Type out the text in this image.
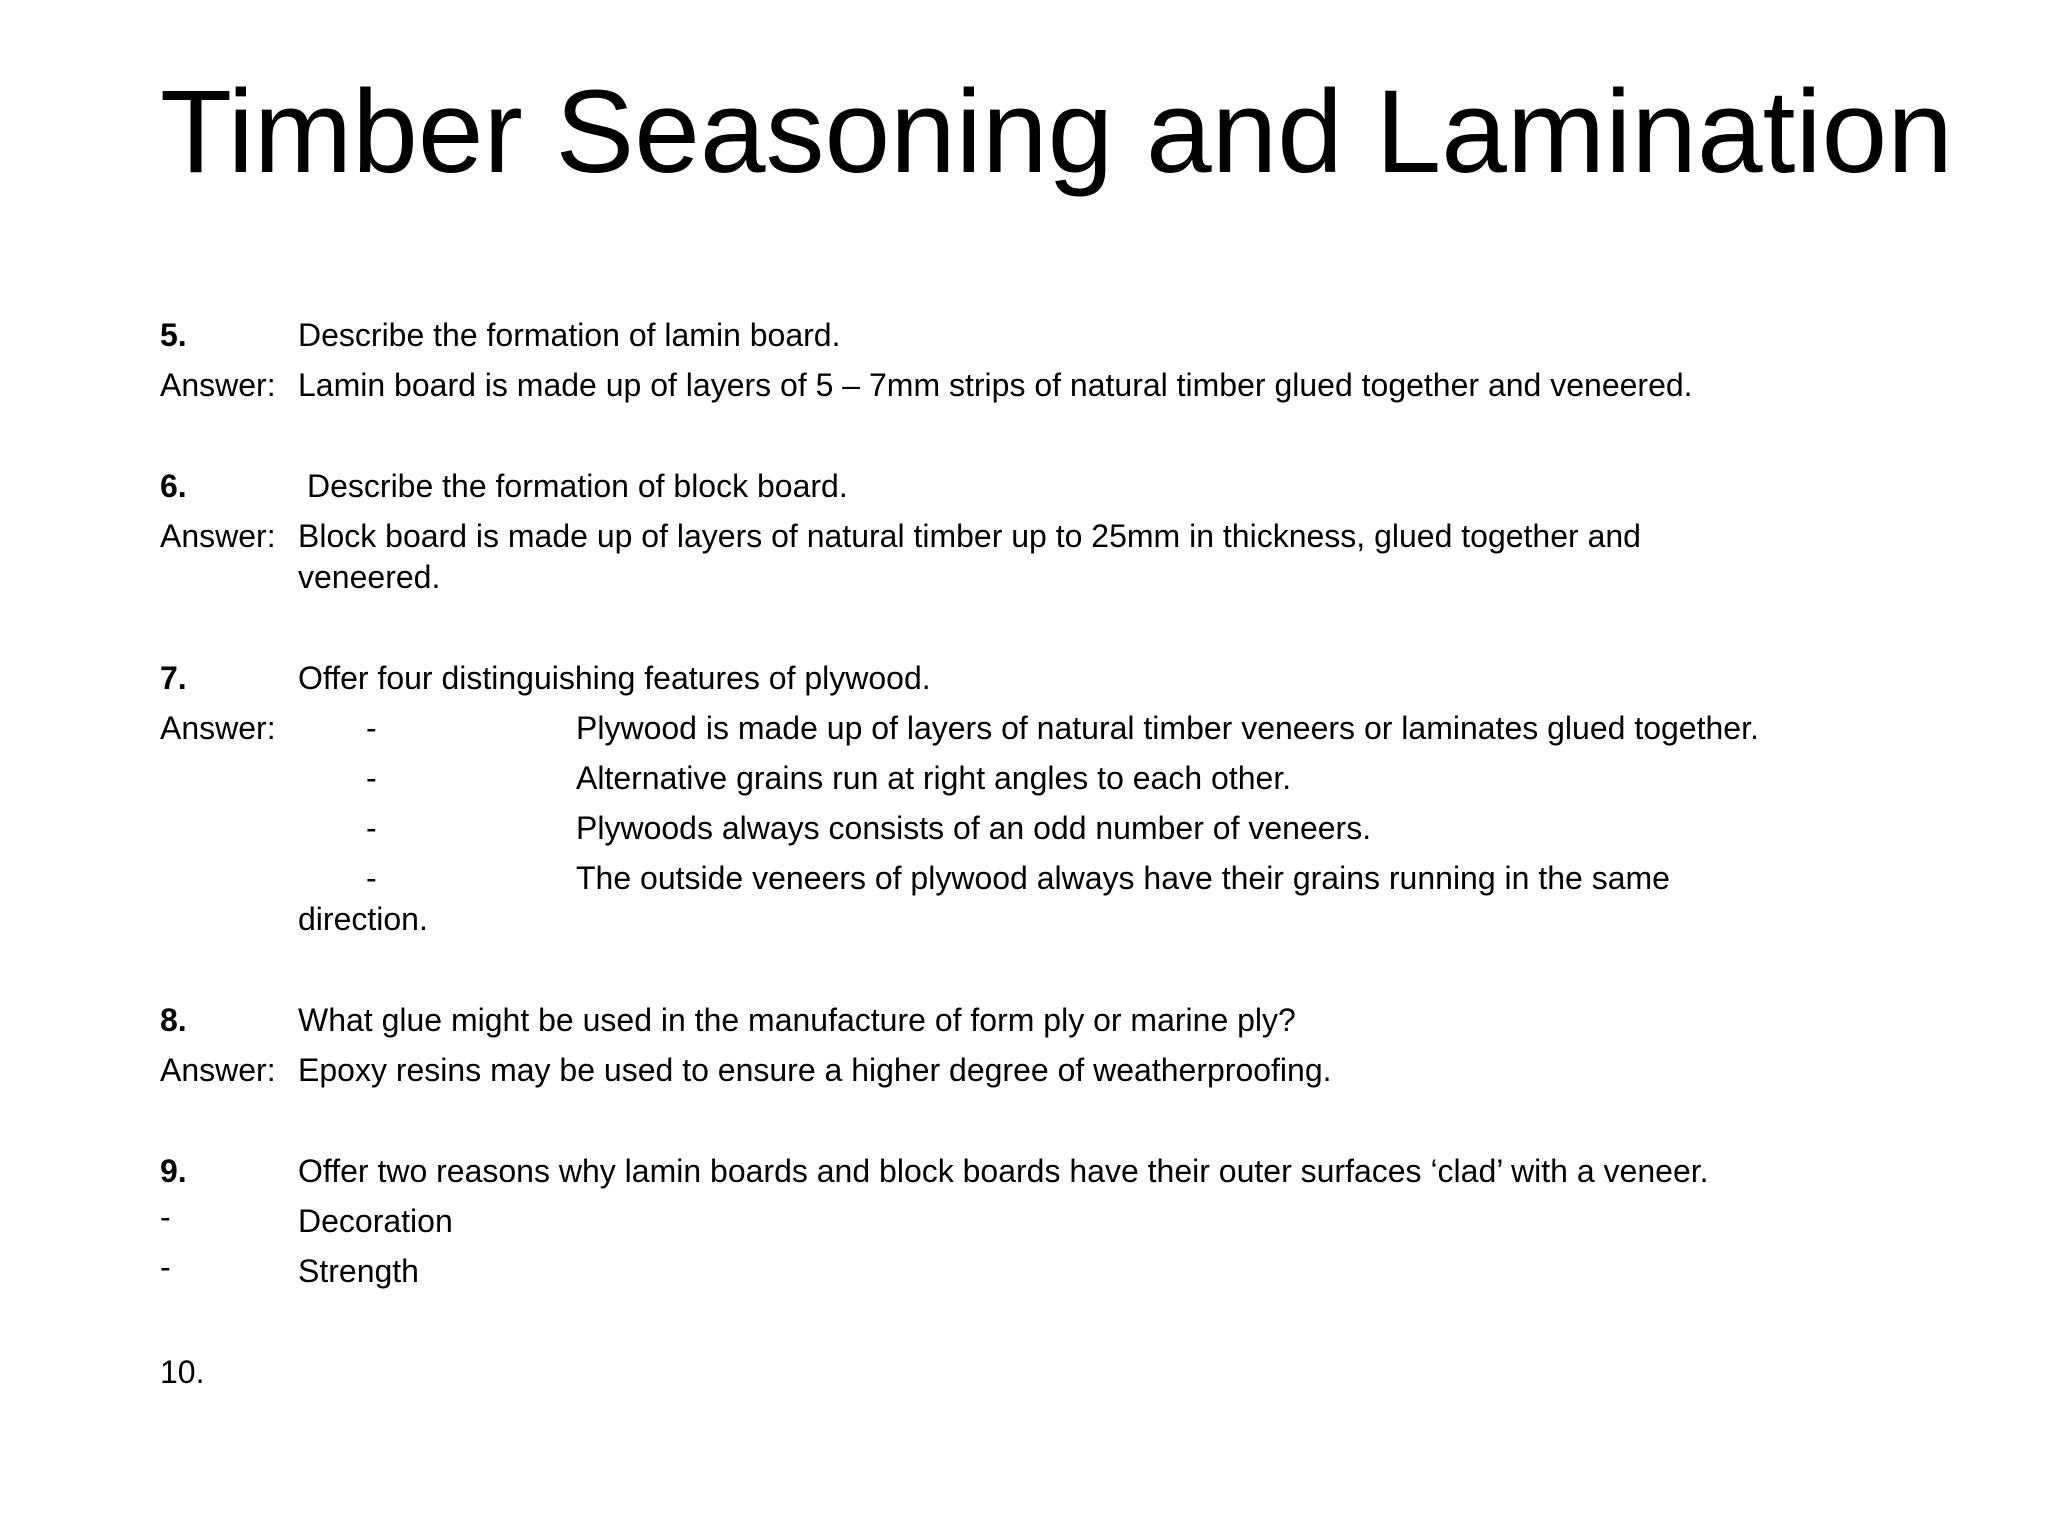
Timber Seasoning and Lamination
5.	Describe the formation of lamin board.
Answer: Lamin board is made up of layers of 5 – 7mm strips of natural timber glued together and veneered.
6.	Describe the formation of block board.
Answer: Block board is made up of layers of natural timber up to 25mm in thickness, glued together and
veneered.
7.	Offer four distinguishing features of plywood.
Answer:	-	Plywood is made up of layers of natural timber veneers or laminates glued together.
-	Alternative grains run at right angles to each other.
-	Plywoods always consists of an odd number of veneers.
-	The outside veneers of plywood always have their grains running in the same
direction.
8.	What glue might be used in the manufacture of form ply or marine ply?
Answer: Epoxy resins may be used to ensure a higher degree of weatherproofing.
9.	Offer two reasons why lamin boards and block boards have their outer surfaces ‘clad’ with a veneer.
-	Decoration
-	Strength
10.
